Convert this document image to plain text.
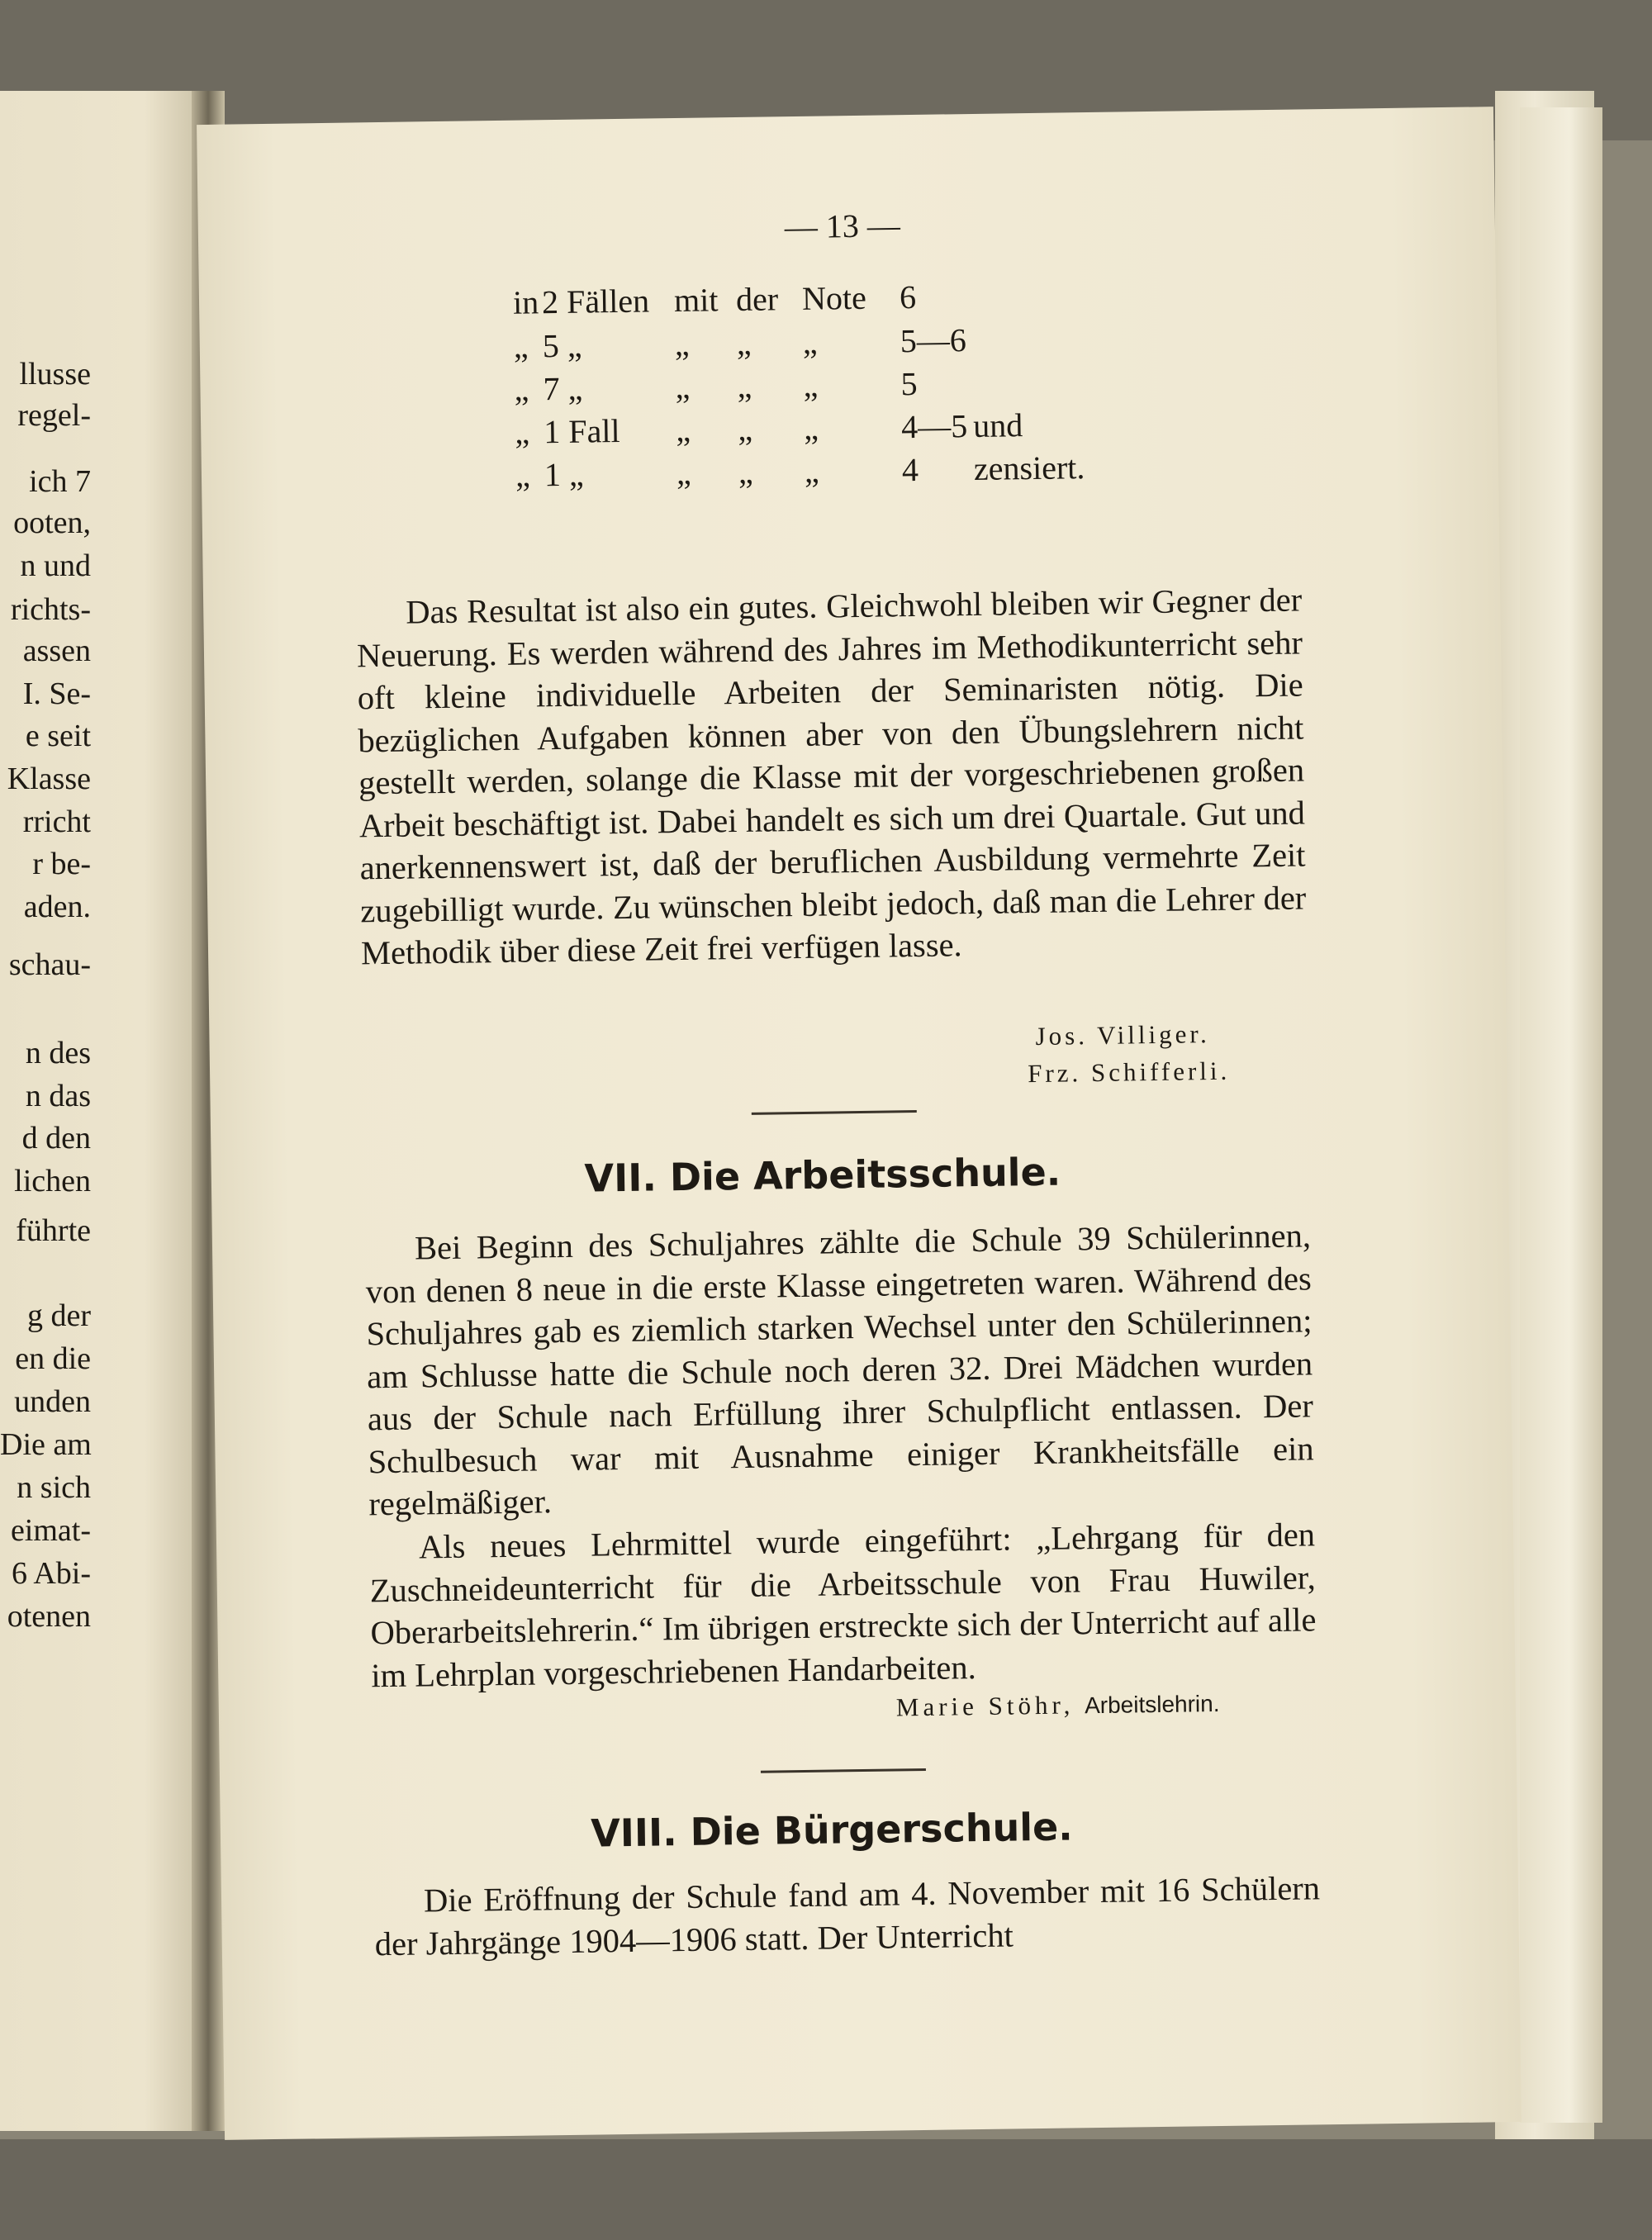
llusse
regel-
ich 7
ooten,
n und
richts-
assen
I. Se-
e seit
Klasse
rricht
r be-
aden.
schau-
n des
n das
d den
lichen
führte
g der
en die
unden
Die am
n sich
eimat-
6 Abi-
otenen
— 13 —
in 2 Fällen mit der Note 6
„ 5 „	„ „ „ 5—6
„ 7 „	„ „ „ 5
„ 1 Fall „ „ „ 4—5 und
„ 1 „	„ „ „ 4 zensiert.

Das Resultat ist also ein gutes. Gleichwohl bleiben wir Gegner der Neuerung. Es werden während des Jahres im Methodikunterricht sehr oft kleine individuelle Arbeiten der Seminaristen nötig. Die bezüglichen Aufgaben können aber von den Übungslehrern nicht gestellt werden, solange die Klasse mit der vorgeschriebenen großen Arbeit beschäftigt ist. Dabei handelt es sich um drei Quartale. Gut und anerkennenswert ist, daß der beruflichen Ausbildung vermehrte Zeit zugebilligt wurde. Zu wünschen bleibt jedoch, daß man die Lehrer der Methodik über diese Zeit frei verfügen lasse.

Jos. Villiger.
Frz. Schifferli.
VII. Die Arbeitsschule.

Bei Beginn des Schuljahres zählte die Schule 39 Schülerinnen, von denen 8 neue in die erste Klasse eingetreten waren. Während des Schuljahres gab es ziemlich starken Wechsel unter den Schülerinnen; am Schlusse hatte die Schule noch deren 32. Drei Mädchen wurden aus der Schule nach Erfüllung ihrer Schulpflicht entlassen. Der Schulbesuch war mit Ausnahme einiger Krankheitsfälle ein regelmäßiger.

Als neues Lehrmittel wurde eingeführt: „Lehrgang für den Zuschneideunterricht für die Arbeitsschule von Frau Huwiler, Oberarbeitslehrerin.“ Im übrigen erstreckte sich der Unterricht auf alle im Lehrplan vorgeschriebenen Handarbeiten.

Marie Stöhr, Arbeitslehrin.
VIII. Die Bürgerschule.

Die Eröffnung der Schule fand am 4. November mit 16 Schülern der Jahrgänge 1904—1906 statt. Der Unterricht
